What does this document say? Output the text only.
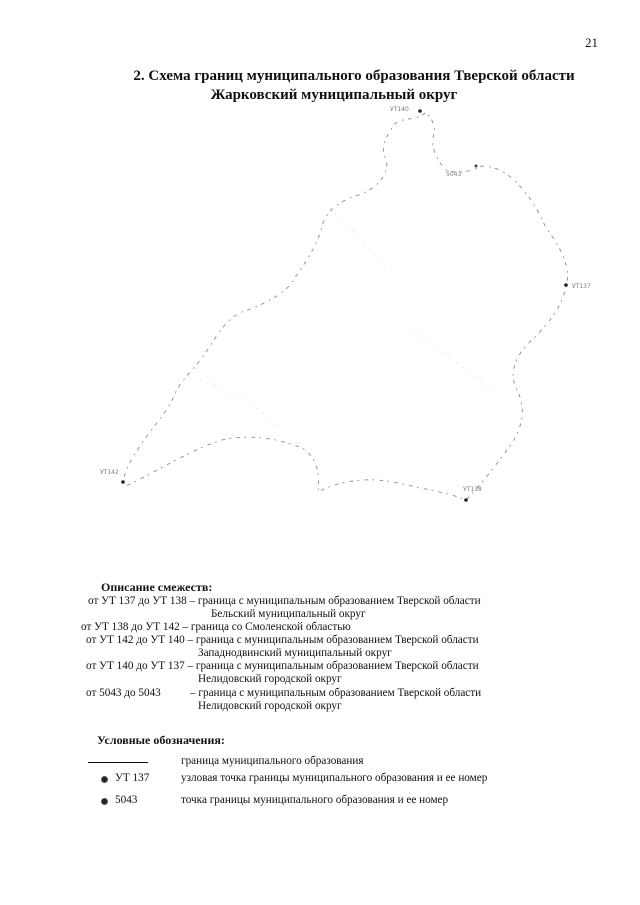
21
2. Схема границ муниципального образования Тверской области
Жарковский муниципальный округ
УТ140
5043
УТ137
УТ142
УТ138
Описание смежеств:
от УТ 137 до УТ 138 – граница с муниципальным образованием Тверской области
Бельский муниципальный округ
от УТ 138 до УТ 142 – граница со Смоленской областью
от УТ 142 до УТ 140 – граница с муниципальным образованием Тверской области
Западнодвинский муниципальный округ
от УТ 140 до УТ 137 – граница с муниципальным образованием Тверской области
Нелидовский городской округ
от 5043 до 5043	– граница с муниципальным образованием Тверской области
Нелидовский городской округ
Условные обозначения:
граница муниципального образования
УТ 137	узловая точка границы муниципального образования и ее номер
5043	точка границы муниципального образования и ее номер
